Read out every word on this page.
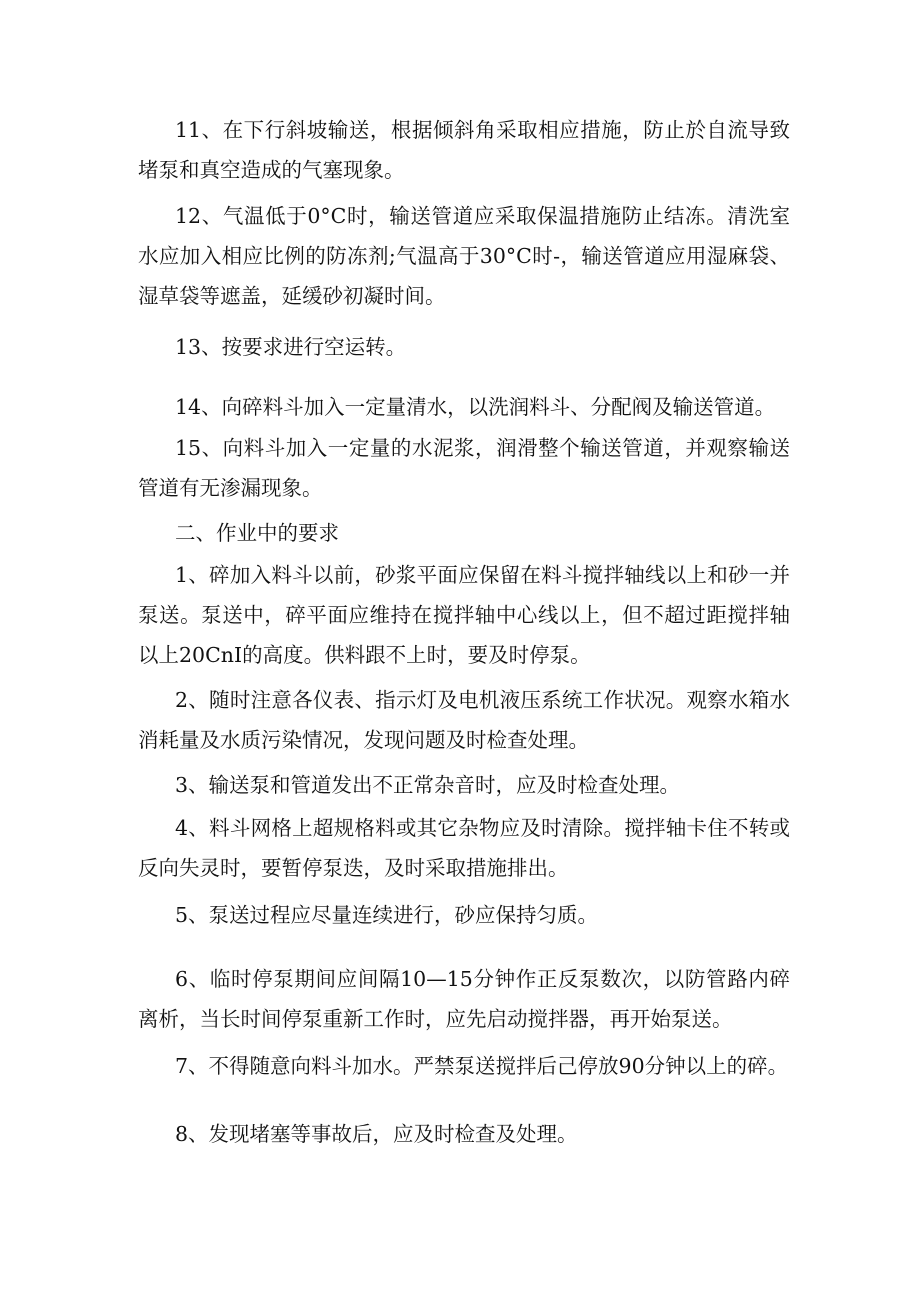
11、在下行斜坡输送，根据倾斜角采取相应措施，防止於自流导致堵泵和真空造成的气塞现象。

12、气温低于0°C时，输送管道应采取保温措施防止结冻。清洗室水应加入相应比例的防冻剂;气温高于30°C时-，输送管道应用湿麻袋、湿草袋等遮盖，延缓砂初凝时间。

13、按要求进行空运转。

14、向碎料斗加入一定量清水，以洗润料斗、分配阀及输送管道。

15、向料斗加入一定量的水泥浆，润滑整个输送管道，并观察输送管道有无渗漏现象。

二、作业中的要求

1、碎加入料斗以前，砂浆平面应保留在料斗搅拌轴线以上和砂一并泵送。泵送中，碎平面应维持在搅拌轴中心线以上，但不超过距搅拌轴以上20CnI的高度。供料跟不上时，要及时停泵。

2、随时注意各仪表、指示灯及电机液压系统工作状况。观察水箱水消耗量及水质污染情况，发现问题及时检查处理。

3、输送泵和管道发出不正常杂音时，应及时检查处理。

4、料斗网格上超规格料或其它杂物应及时清除。搅拌轴卡住不转或反向失灵时，要暂停泵迭，及时采取措施排出。

5、泵送过程应尽量连续进行，砂应保持匀质。

6、临时停泵期间应间隔10—15分钟作正反泵数次，以防管路内碎离析，当长时间停泵重新工作时，应先启动搅拌器，再开始泵送。

7、不得随意向料斗加水。严禁泵送搅拌后己停放90分钟以上的碎。

8、发现堵塞等事故后，应及时检查及处理。
